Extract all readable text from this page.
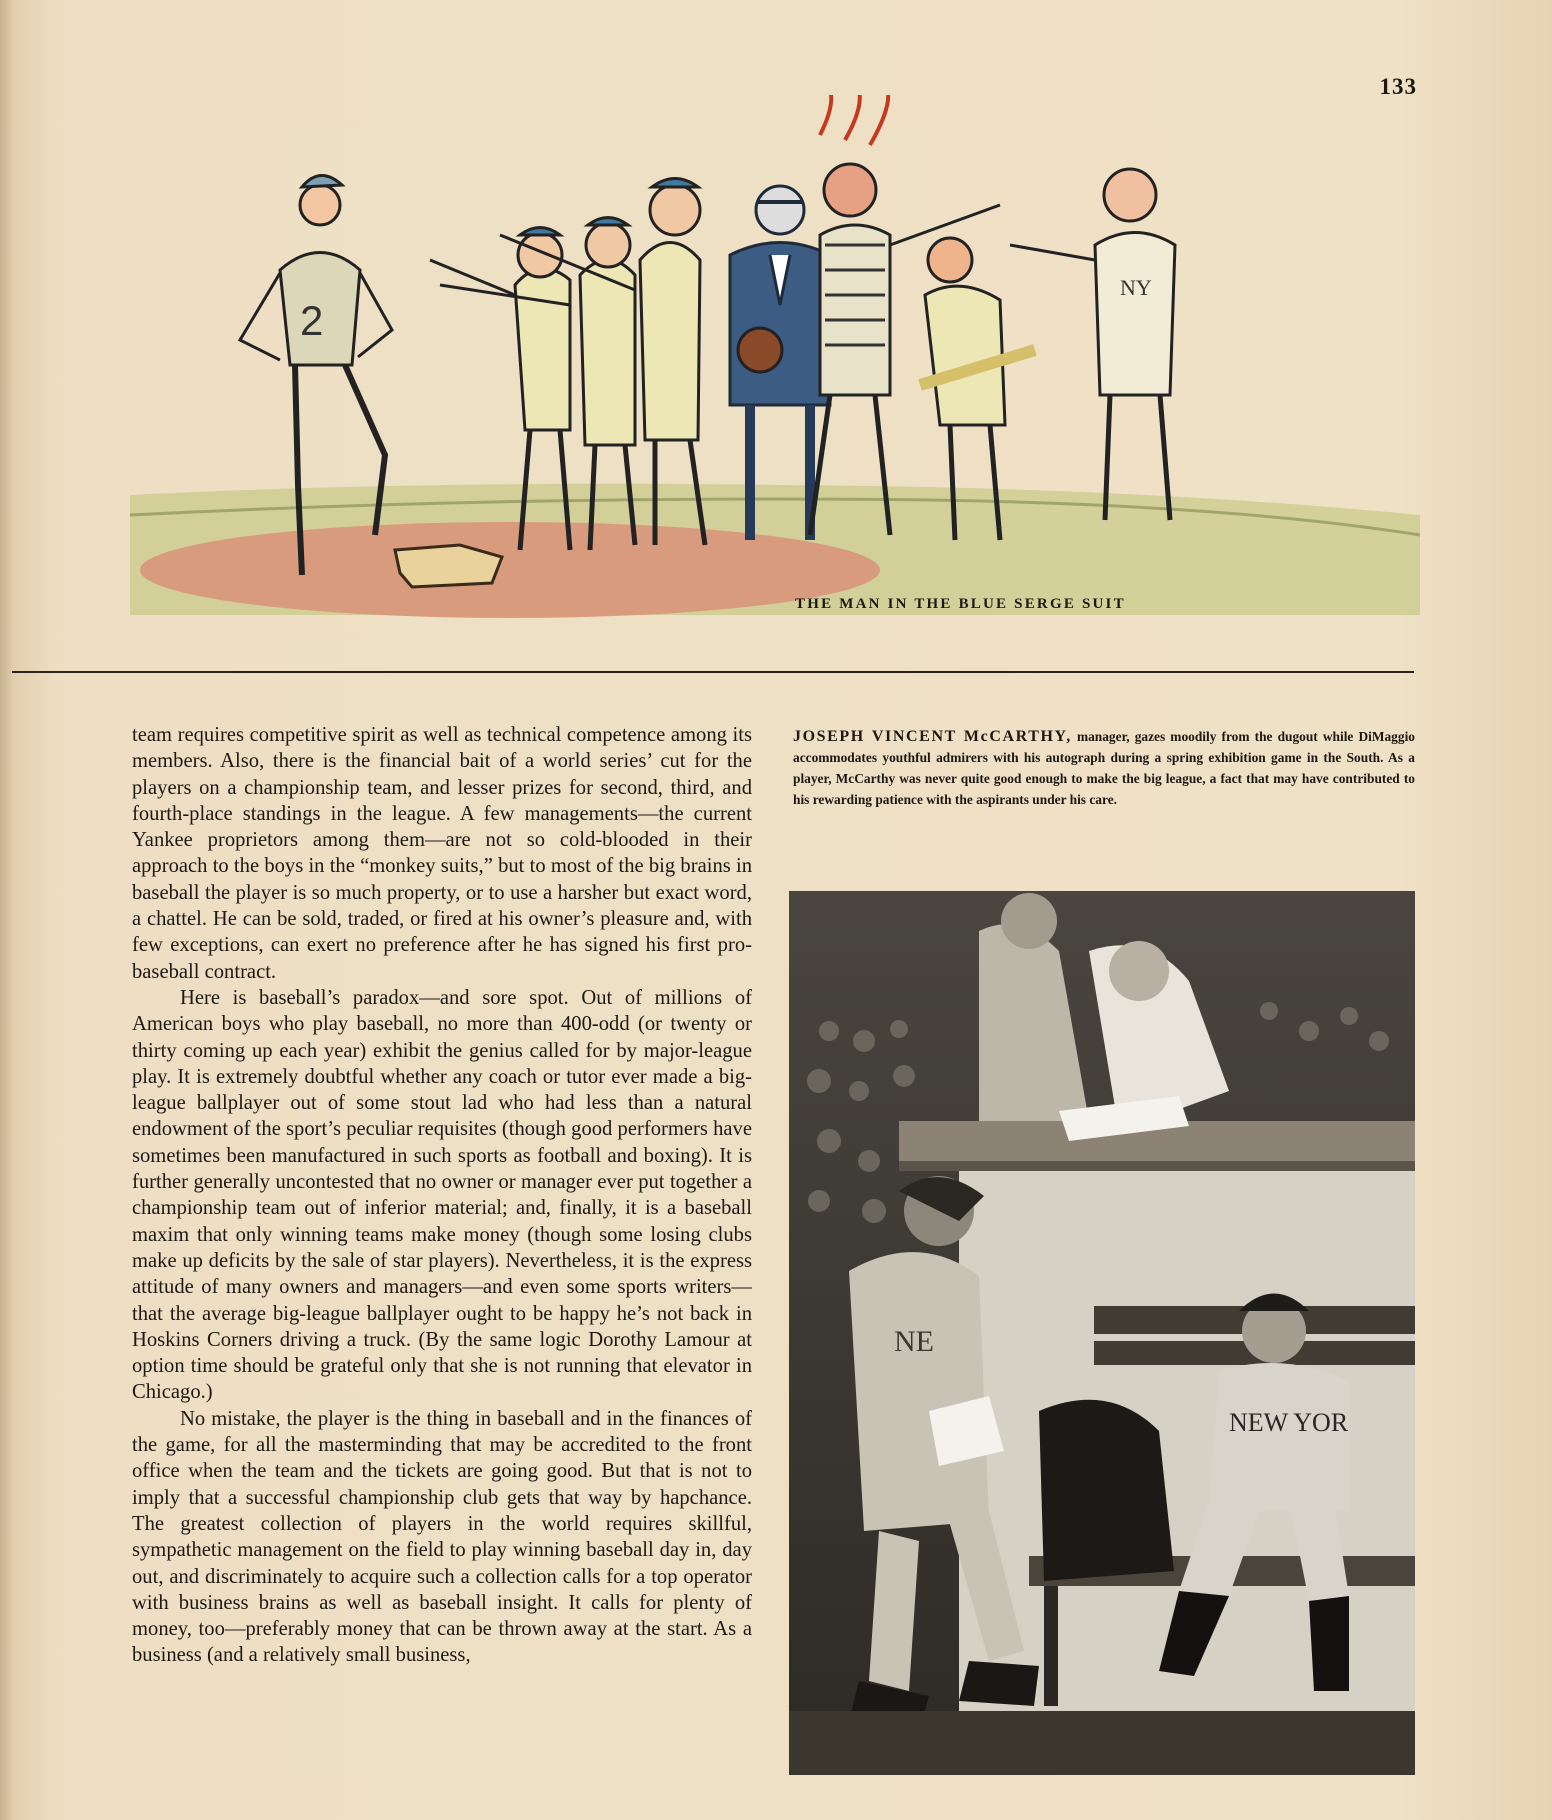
133
2
NY
THE MAN IN THE BLUE SERGE SUIT

team requires competitive spirit as well as technical competence among its members. Also, there is the financial bait of a world series’ cut for the players on a championship team, and lesser prizes for second, third, and fourth-place standings in the league. A few managements—the current Yankee proprietors among them—are not so cold-blooded in their approach to the boys in the “monkey suits,” but to most of the big brains in baseball the player is so much property, or to use a harsher but exact word, a chattel. He can be sold, traded, or fired at his owner’s pleasure and, with few exceptions, can exert no preference after he has signed his first pro-baseball contract.

Here is baseball’s paradox—and sore spot. Out of millions of American boys who play baseball, no more than 400-odd (or twenty or thirty coming up each year) exhibit the genius called for by major-league play. It is extremely doubtful whether any coach or tutor ever made a big-league ballplayer out of some stout lad who had less than a natural endowment of the sport’s peculiar requisites (though good performers have sometimes been manufactured in such sports as football and boxing). It is further generally uncontested that no owner or manager ever put together a championship team out of inferior material; and, finally, it is a baseball maxim that only winning teams make money (though some losing clubs make up deficits by the sale of star players). Nevertheless, it is the express attitude of many owners and managers—and even some sports writers—that the average big-league ballplayer ought to be happy he’s not back in Hoskins Corners driving a truck. (By the same logic Dorothy Lamour at option time should be grateful only that she is not running that elevator in Chicago.)

No mistake, the player is the thing in baseball and in the finances of the game, for all the masterminding that may be accredited to the front office when the team and the tickets are going good. But that is not to imply that a successful championship club gets that way by hapchance. The greatest collection of players in the world requires skillful, sympathetic management on the field to play winning baseball day in, day out, and discriminately to acquire such a collection calls for a top operator with business brains as well as baseball insight. It calls for plenty of money, too—preferably money that can be thrown away at the start. As a business (and a relatively small business,

JOSEPH VINCENT McCARTHY, manager, gazes moodily from the dugout while DiMaggio accommodates youthful admirers with his autograph during a spring exhibition game in the South. As a player, McCarthy was never quite good enough to make the big league, a fact that may have contributed to his rewarding patience with the aspirants under his care.
NE
NEW YOR
